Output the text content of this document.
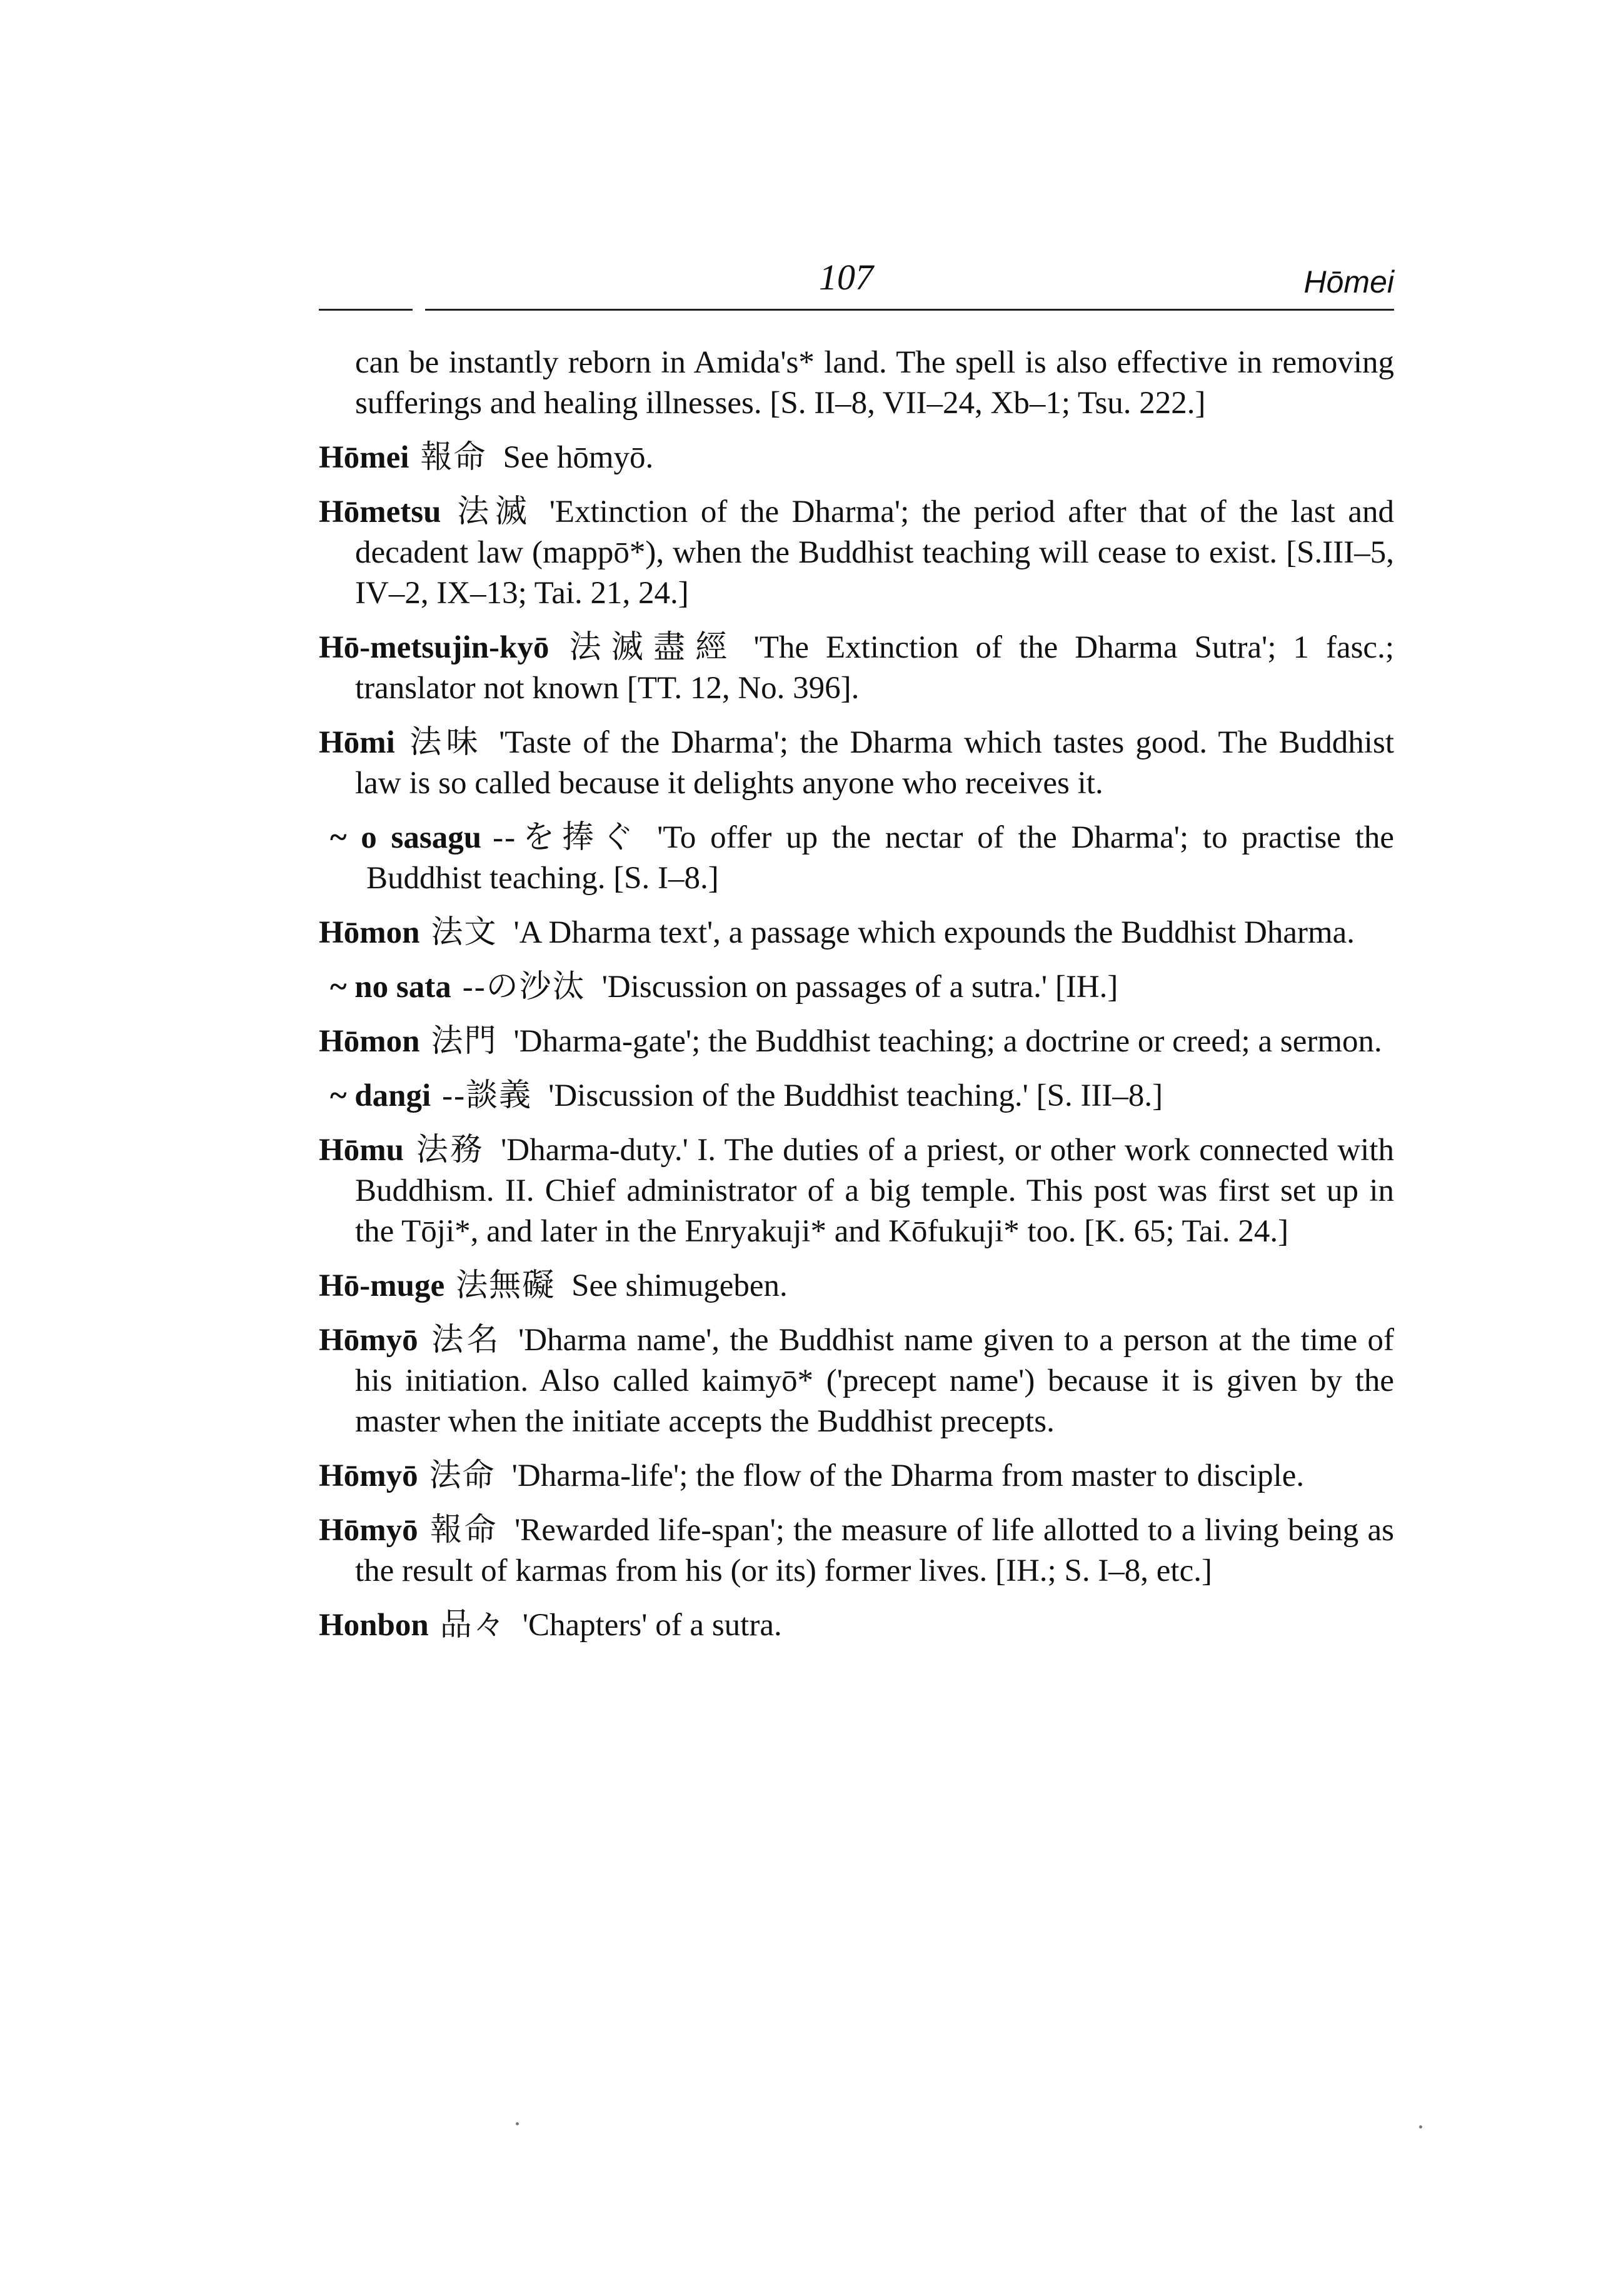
107	Hōmei

can be instantly reborn in Amida's* land. The spell is also effective in removing sufferings and healing illnesses. [S. II–8, VII–24, Xb–1; Tsu. 222.]

Hōmei 報命 See hōmyō.

Hōmetsu 法滅 'Extinction of the Dharma'; the period after that of the last and decadent law (mappō*), when the Buddhist teaching will cease to exist. [S.III–5, IV–2, IX–13; Tai. 21, 24.]

Hō-metsujin-kyō 法滅盡經 'The Extinction of the Dharma Sutra'; 1 fasc.; translator not known [TT. 12, No. 396].

Hōmi 法味 'Taste of the Dharma'; the Dharma which tastes good. The Buddhist law is so called because it delights anyone who receives it.

~ o sasagu --を捧ぐ 'To offer up the nectar of the Dharma'; to practise the Buddhist teaching. [S. I–8.]

Hōmon 法文 'A Dharma text', a passage which expounds the Buddhist Dharma.

~ no sata --の沙汰 'Discussion on passages of a sutra.' [IH.]

Hōmon 法門 'Dharma-gate'; the Buddhist teaching; a doctrine or creed; a sermon.

~ dangi --談義 'Discussion of the Buddhist teaching.' [S. III–8.]

Hōmu 法務 'Dharma-duty.' I. The duties of a priest, or other work connected with Buddhism. II. Chief administrator of a big temple. This post was first set up in the Tōji*, and later in the Enryakuji* and Kōfukuji* too. [K. 65; Tai. 24.]

Hō-muge 法無礙 See shimugeben.

Hōmyō 法名 'Dharma name', the Buddhist name given to a person at the time of his initiation. Also called kaimyō* ('precept name') because it is given by the master when the initiate accepts the Buddhist precepts.

Hōmyō 法命 'Dharma-life'; the flow of the Dharma from master to disciple.

Hōmyō 報命 'Rewarded life-span'; the measure of life allotted to a living being as the result of karmas from his (or its) former lives. [IH.; S. I–8, etc.]

Honbon 品々 'Chapters' of a sutra.
